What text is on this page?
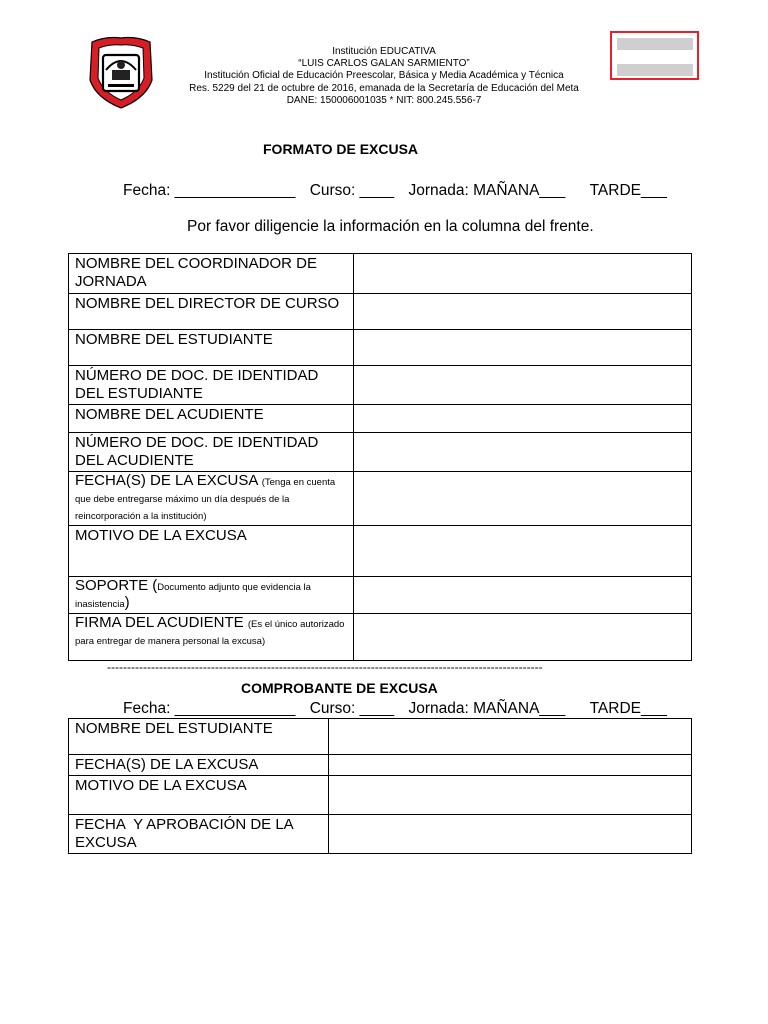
Institución EDUCATIVA
“LUIS CARLOS GALAN SARMIENTO”
Institución Oficial de Educación Preescolar, Básica y Media Académica y Técnica
Res. 5229 del 21 de octubre de 2016, emanada de la Secretaría de Educación del Meta
DANE: 150006001035 * NIT: 800.245.556-7
FORMATO DE EXCUSA
Fecha: ______________ Curso: ____ Jornada: MAÑANA___ TARDE___
Por favor diligencie la información en la columna del frente.
NOMBRE DEL COORDINADOR DE JORNADA	
NOMBRE DEL DIRECTOR DE CURSO	
NOMBRE DEL ESTUDIANTE	
NÚMERO DE DOC. DE IDENTIDAD DEL ESTUDIANTE	
NOMBRE DEL ACUDIENTE	
NÚMERO DE DOC. DE IDENTIDAD DEL ACUDIENTE	
FECHA(S) DE LA EXCUSA (Tenga en cuenta que debe entregarse máximo un día después de la reincorporación a la institución)	
MOTIVO DE LA EXCUSA	
SOPORTE (Documento adjunto que evidencia la inasistencia)	
FIRMA DEL ACUDIENTE (Es el único autorizado para entregar de manera personal la excusa)	
-------------------------------------------------------------------------------------------------------------
COMPROBANTE DE EXCUSA
Fecha: ______________ Curso: ____ Jornada: MAÑANA___ TARDE___
NOMBRE DEL ESTUDIANTE	
FECHA(S) DE LA EXCUSA	
MOTIVO DE LA EXCUSA	
FECHA  Y APROBACIÓN DE LA EXCUSA	
